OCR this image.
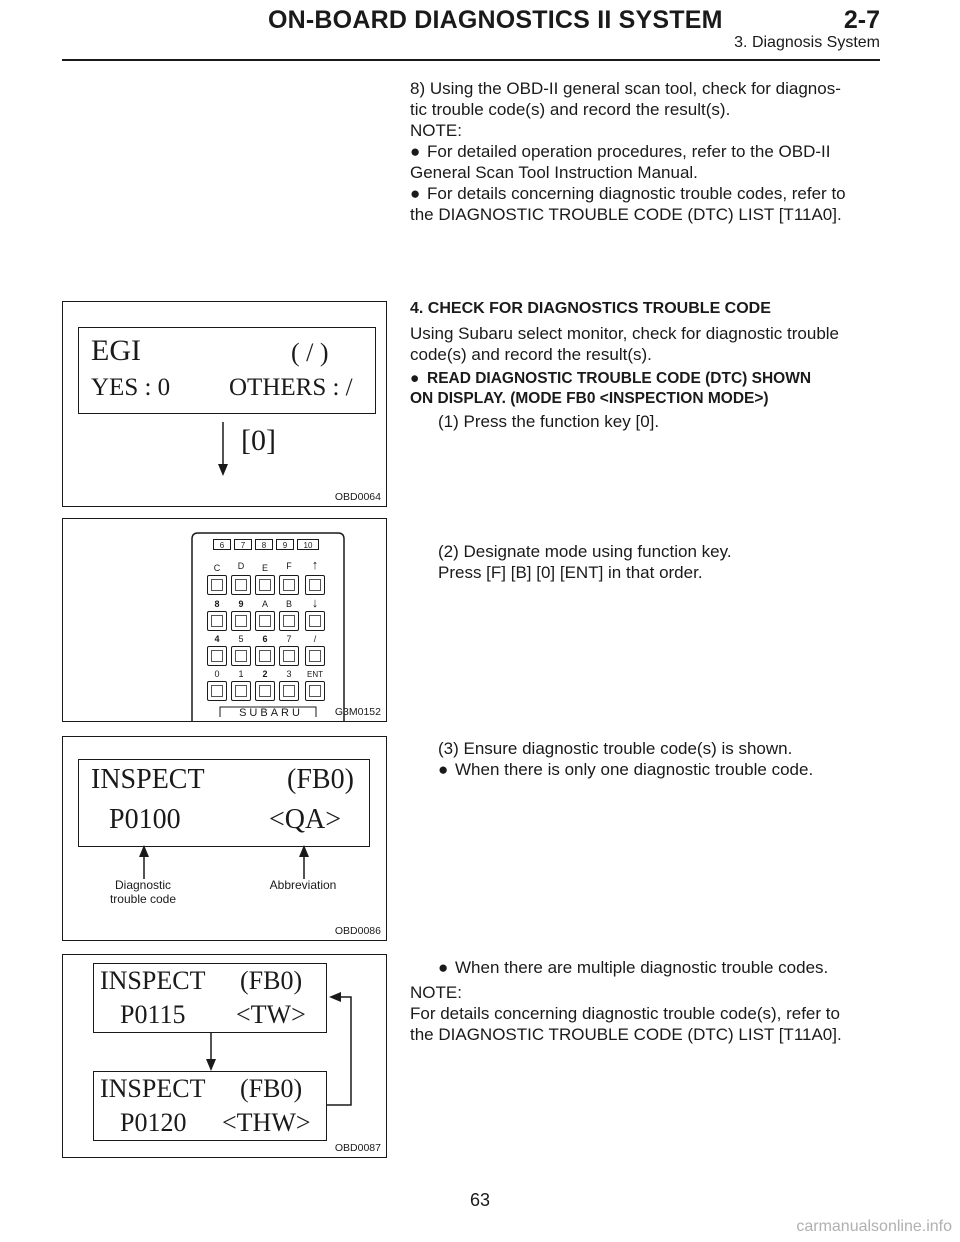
ON-BOARD DIAGNOSTICS II SYSTEM	2-7
3. Diagnosis System

8) Using the OBD-II general scan tool, check for diagnos-

tic trouble code(s) and record the result(s).

NOTE:

● For detailed operation procedures, refer to the OBD-II

General Scan Tool Instruction Manual.

● For details concerning diagnostic trouble codes, refer to

the DIAGNOSTIC TROUBLE CODE (DTC) LIST [T11A0].

4. CHECK FOR DIAGNOSTICS TROUBLE CODE

Using Subaru select monitor, check for diagnostic trouble

code(s) and record the result(s).

● READ DIAGNOSTIC TROUBLE CODE (DTC) SHOWN

ON DISPLAY. (MODE FB0 <INSPECTION MODE>)

(1) Press the function key [0].

(2) Designate mode using function key.

Press [F] [B] [0] [ENT] in that order.

(3) Ensure diagnostic trouble code(s) is shown.

● When there is only one diagnostic trouble code.

● When there are multiple diagnostic trouble codes.

NOTE:

For details concerning diagnostic trouble code(s), refer to

the DIAGNOSTIC TROUBLE CODE (DTC) LIST [T11A0].

EGI	( / )
YES : 0 OTHERS : /
[0]
OBD0064
6	7	8	9	10
C	D	E	F	↑
8	9	A	B	↓
4	5	6	7	/
0	1	2	3	ENT
SUBARU	G3M0152
INSPECT	(FB0)
P0100	<QA>
Diagnostic
trouble code
Abbreviation
OBD0086
INSPECT (FB0)
P0115 <TW>
INSPECT (FB0)
P0120 <THW>
OBD0087
63
carmanualsonline.info
